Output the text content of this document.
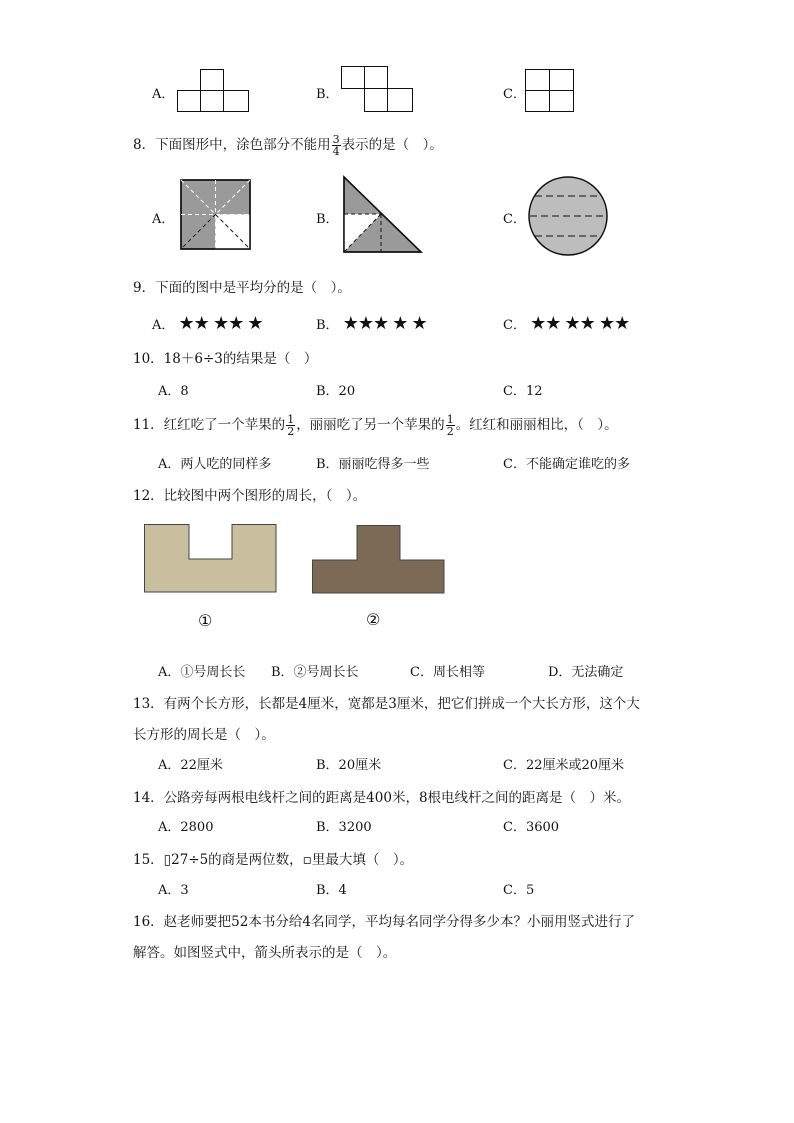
A．	B．	C．
8．下面图形中，涂色部分不能用 $\frac{3}{4}$ 表示的是（　）。
A．	B．	C．
9．下面的图中是平均分的是（　）。
A． ★★ ★★ ★	B． ★★★ ★ ★	C． ★★ ★★ ★★
10．18＋6÷3的结果是（　）
A．8	B．20	C．12
11．红红吃了一个苹果的 $\frac{1}{2}$ ，丽丽吃了另一个苹果的 $\frac{1}{2}$ 。红红和丽丽相比，（　）。
A．两人吃的同样多	B．丽丽吃得多一些	C．不能确定谁吃的多
12．比较图中两个图形的周长，（　）。
①	②
A．①号周长长 B．②号周长长	C．周长相等	D．无法确定
13．有两个长方形，长都是4厘米，宽都是3厘米，把它们拼成一个大长方形，这个大
长方形的周长是（　）。
A．22厘米	B．20厘米	C．22厘米或20厘米
14．公路旁每两根电线杆之间的距离是400米，8根电线杆之间的距离是（　）米。
A．2800	B．3200	C．3600
15．▯27÷5的商是两位数，▫里最大填（　）。
A．3	B．4	C．5
16．赵老师要把52本书分给4名同学，平均每名同学分得多少本？小丽用竖式进行了
解答。如图竖式中，箭头所表示的是（　）。
